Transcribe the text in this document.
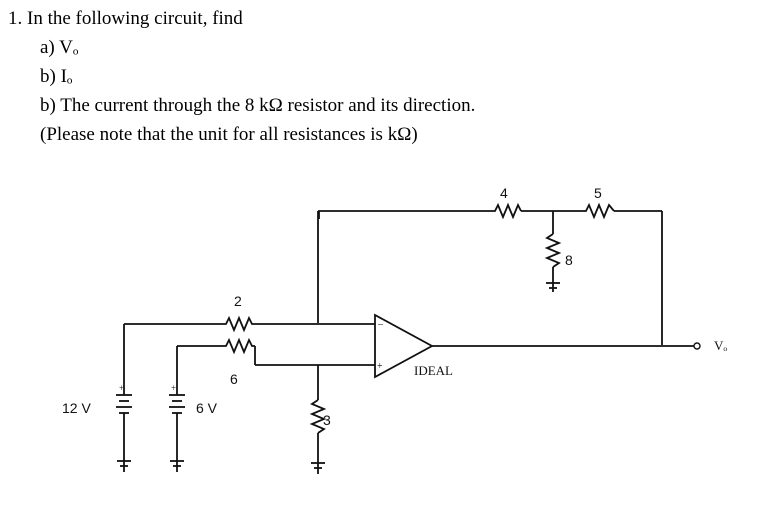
1. In the following circuit, find
a) Vₒ
b) Iₒ
b) The current through the 8 kΩ resistor and its direction.
(Please note that the unit for all resistances is kΩ)
4	5
8
–
+ IDEAL
Vₒ
2
+
12 V
+
6 V
6
3
